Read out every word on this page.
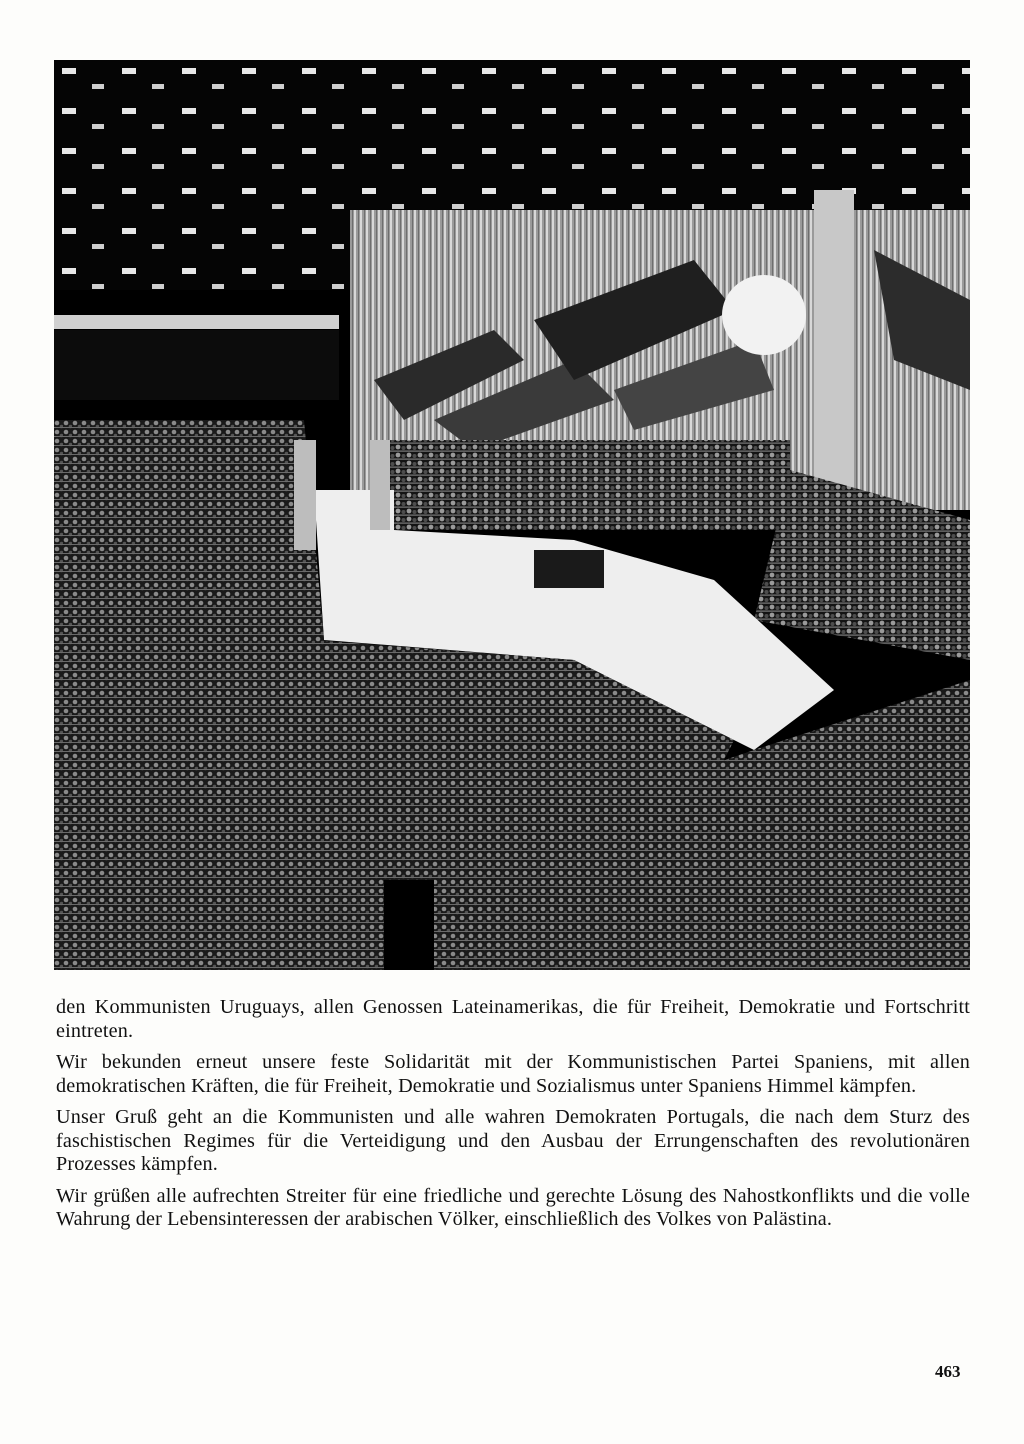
den Kommunisten Uruguays, allen Genossen Lateinamerikas, die für Freiheit, Demokratie und Fortschritt eintreten.

Wir bekunden erneut unsere feste Solidarität mit der Kommunistischen Partei Spaniens, mit allen demokratischen Kräften, die für Freiheit, Demokratie und Sozialismus unter Spaniens Himmel kämpfen.

Unser Gruß geht an die Kommunisten und alle wahren Demokraten Portugals, die nach dem Sturz des faschistischen Regimes für die Verteidigung und den Ausbau der Errungenschaften des revolutionären Prozesses kämpfen.

Wir grüßen alle aufrechten Streiter für eine friedliche und gerechte Lösung des Nahostkonflikts und die volle Wahrung der Lebensinteressen der arabischen Völker, einschließlich des Volkes von Palästina.

463
